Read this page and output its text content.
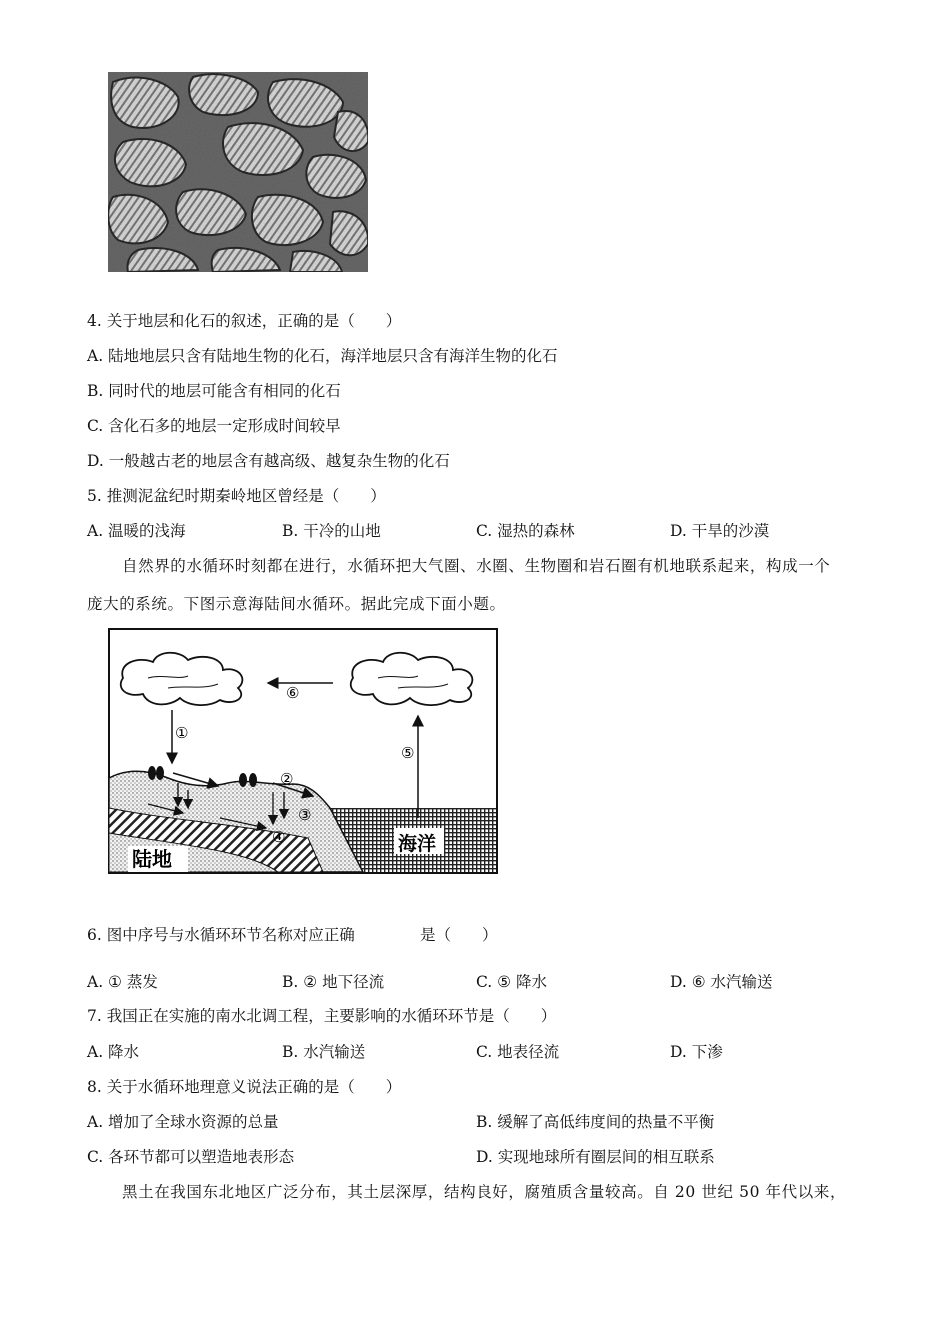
4. 关于地层和化石的叙述，正确的是（　　）
A. 陆地地层只含有陆地生物的化石，海洋地层只含有海洋生物的化石
B. 同时代的地层可能含有相同的化石
C. 含化石多的地层一定形成时间较早
D. 一般越古老的地层含有越高级、越复杂生物的化石
5. 推测泥盆纪时期秦岭地区曾经是（　　）
A. 温暖的浅海	B. 干冷的山地	C. 湿热的森林	D. 干旱的沙漠
自然界的水循环时刻都在进行，水循环把大气圈、水圈、生物圈和岩石圈有机地联系起来，构成一个
庞大的系统。下图示意海陆间水循环。据此完成下面小题。
⑥
①
⑤
②
③
④
陆地
海洋
6. 图中序号与水循环环节名称对应正确	是（　　）
A. ① 蒸发	B. ② 地下径流	C. ⑤ 降水	D. ⑥ 水汽输送
7. 我国正在实施的南水北调工程，主要影响的水循环环节是（　　）
A. 降水	B. 水汽输送	C. 地表径流	D. 下渗
8. 关于水循环地理意义说法正确的是（　　）
A. 增加了全球水资源的总量	B. 缓解了高低纬度间的热量不平衡
C. 各环节都可以塑造地表形态	D. 实现地球所有圈层间的相互联系
黑土在我国东北地区广泛分布，其土层深厚，结构良好，腐殖质含量较高。自 20 世纪 50 年代以来，
